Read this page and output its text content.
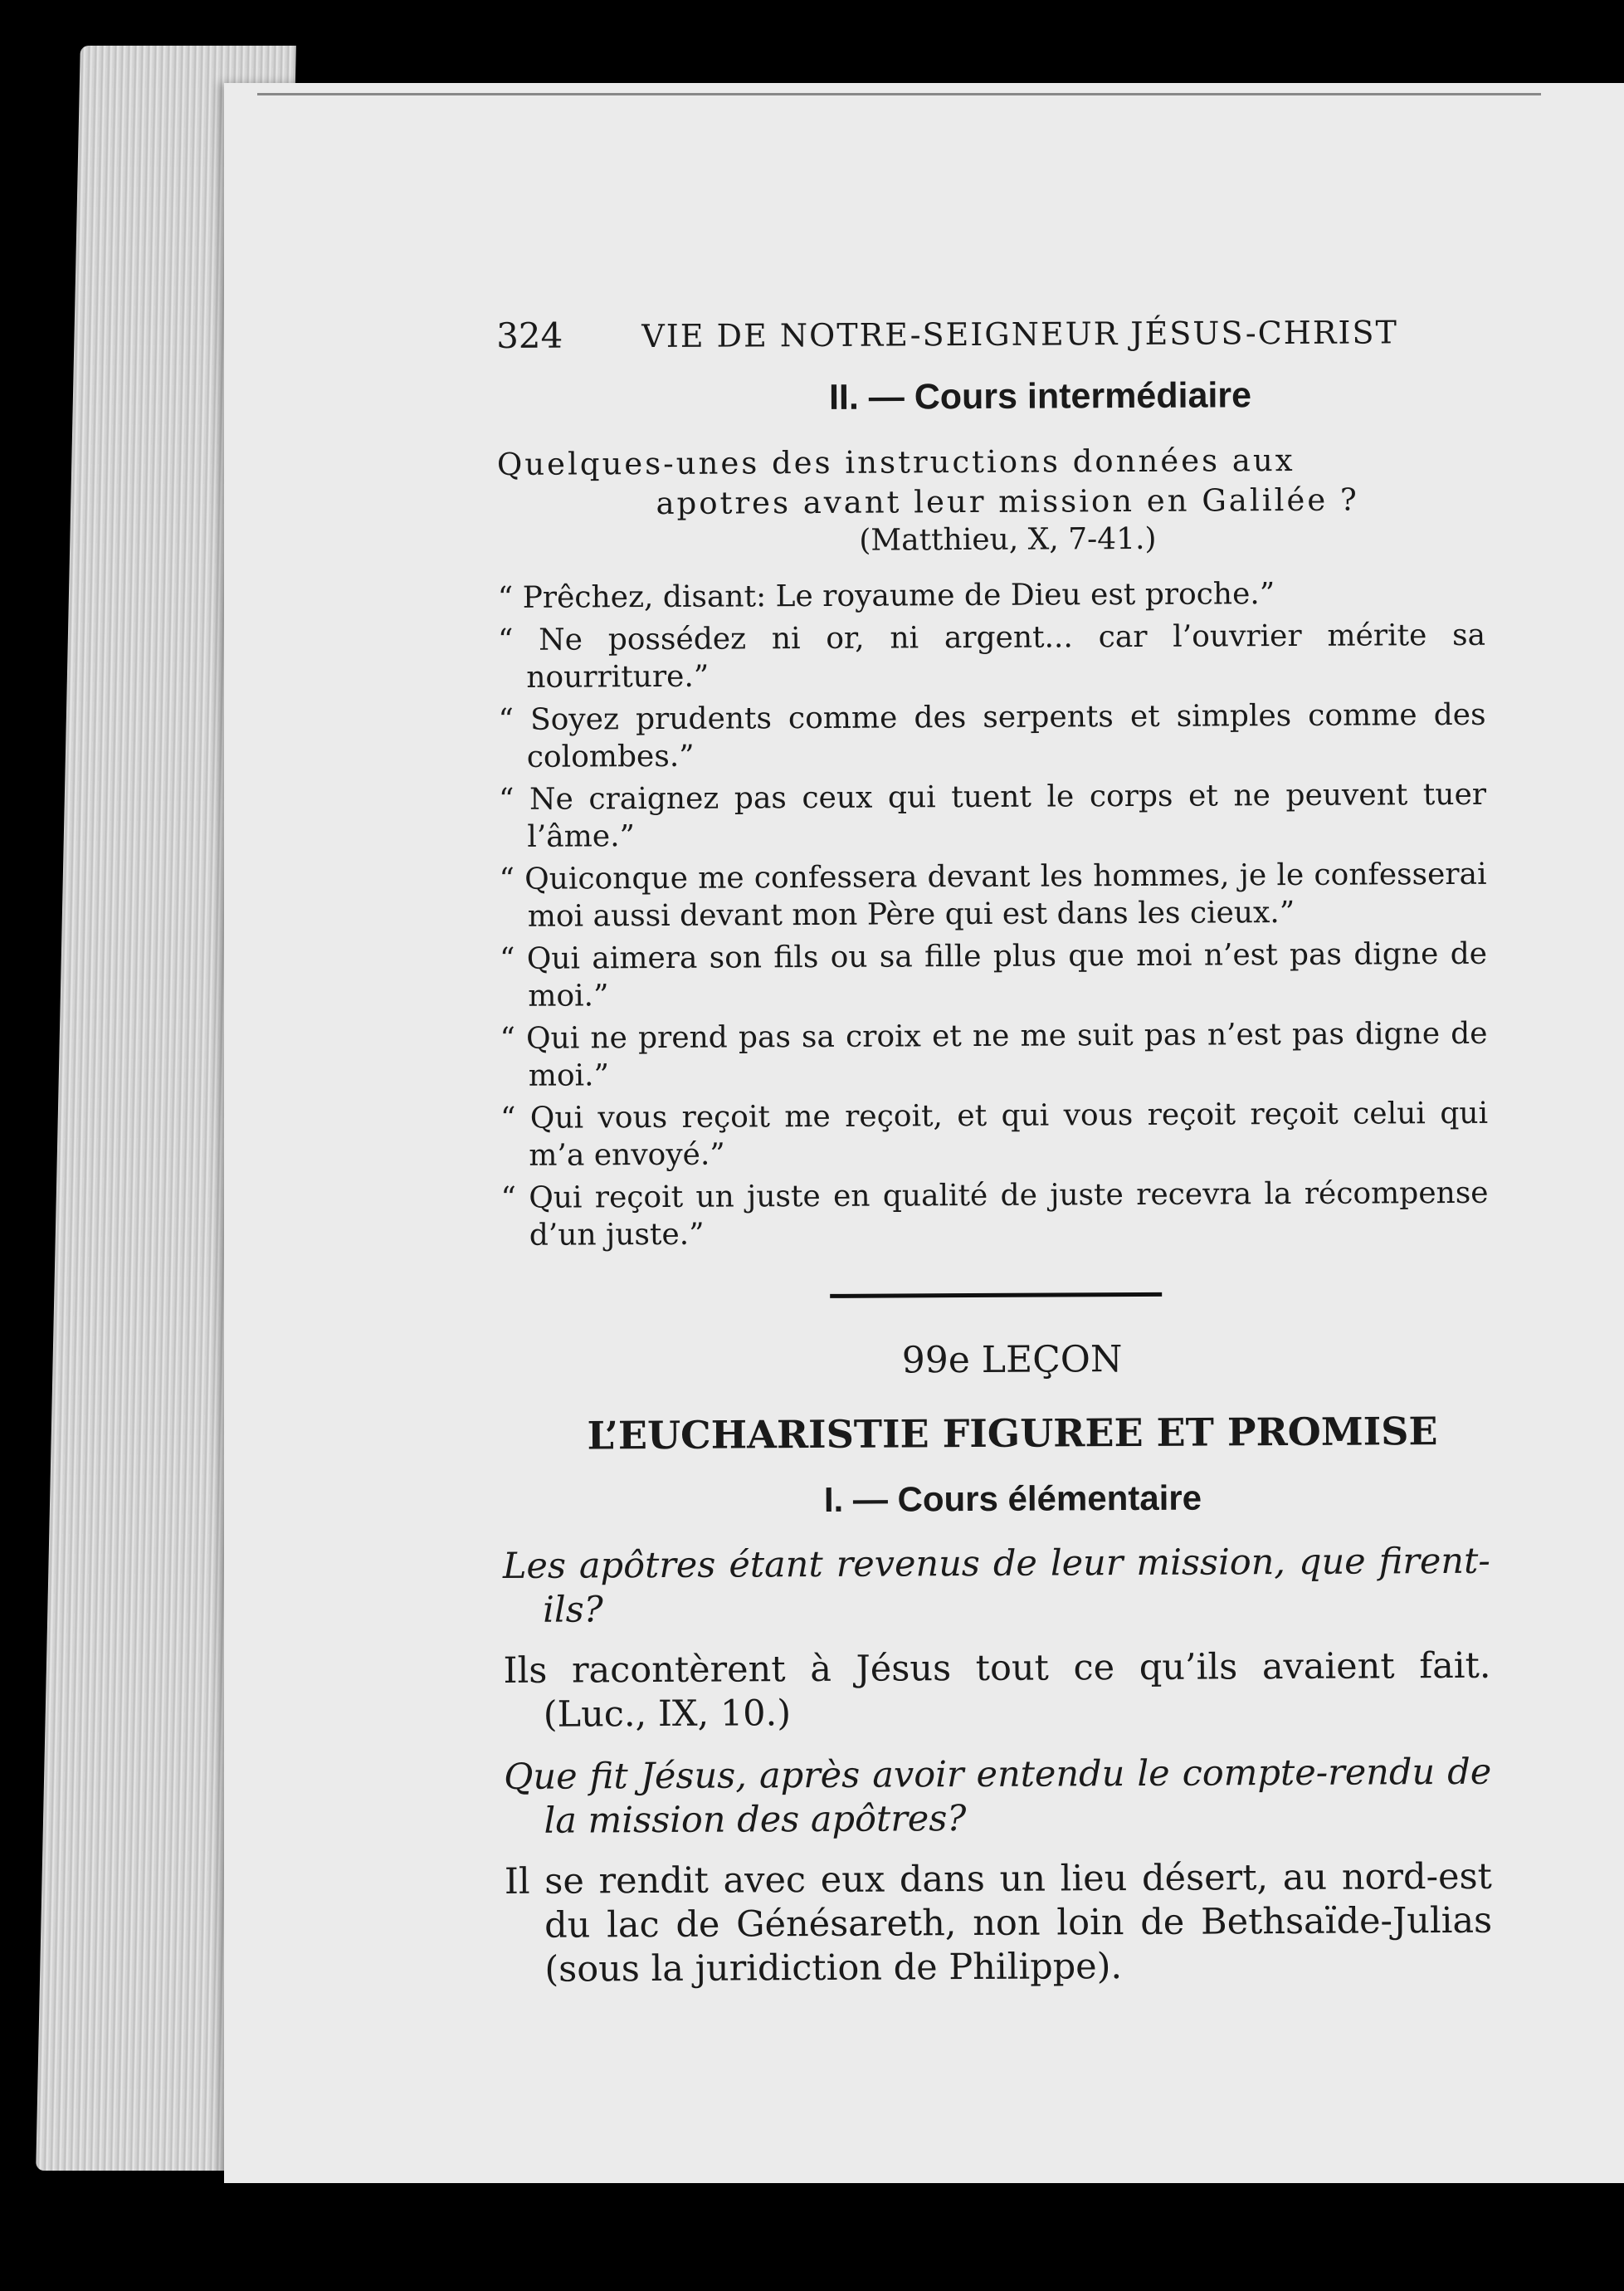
324 VIE DE NOTRE-SEIGNEUR JÉSUS-CHRIST
II. — Cours intermédiaire

Quelques-unes des instructions données aux

apotres avant leur mission en Galilée ?

(Matthieu, X, 7-41.)

“ Prêchez, disant: Le royaume de Dieu est proche.”

“ Ne possédez ni or, ni argent... car l’ouvrier mérite sa nourriture.”

“ Soyez prudents comme des serpents et simples comme des colombes.”

“ Ne craignez pas ceux qui tuent le corps et ne peuvent tuer l’âme.”

“ Quiconque me confessera devant les hommes, je le confesserai moi aussi devant mon Père qui est dans les cieux.”

“ Qui aimera son fils ou sa fille plus que moi n’est pas digne de moi.”

“ Qui ne prend pas sa croix et ne me suit pas n’est pas digne de moi.”

“ Qui vous reçoit me reçoit, et qui vous reçoit reçoit celui qui m’a envoyé.”

“ Qui reçoit un juste en qualité de juste recevra la récompense d’un juste.”

99e LEÇON
L’EUCHARISTIE FIGUREE ET PROMISE
I. — Cours élémentaire

Les apôtres étant revenus de leur mission, que firent-ils?

Ils racontèrent à Jésus tout ce qu’ils avaient fait. (Luc., IX, 10.)

Que fit Jésus, après avoir entendu le compte-rendu de la mission des apôtres?

Il se rendit avec eux dans un lieu désert, au nord-est du lac de Génésareth, non loin de Bethsaïde-Julias (sous la juridiction de Philippe).
